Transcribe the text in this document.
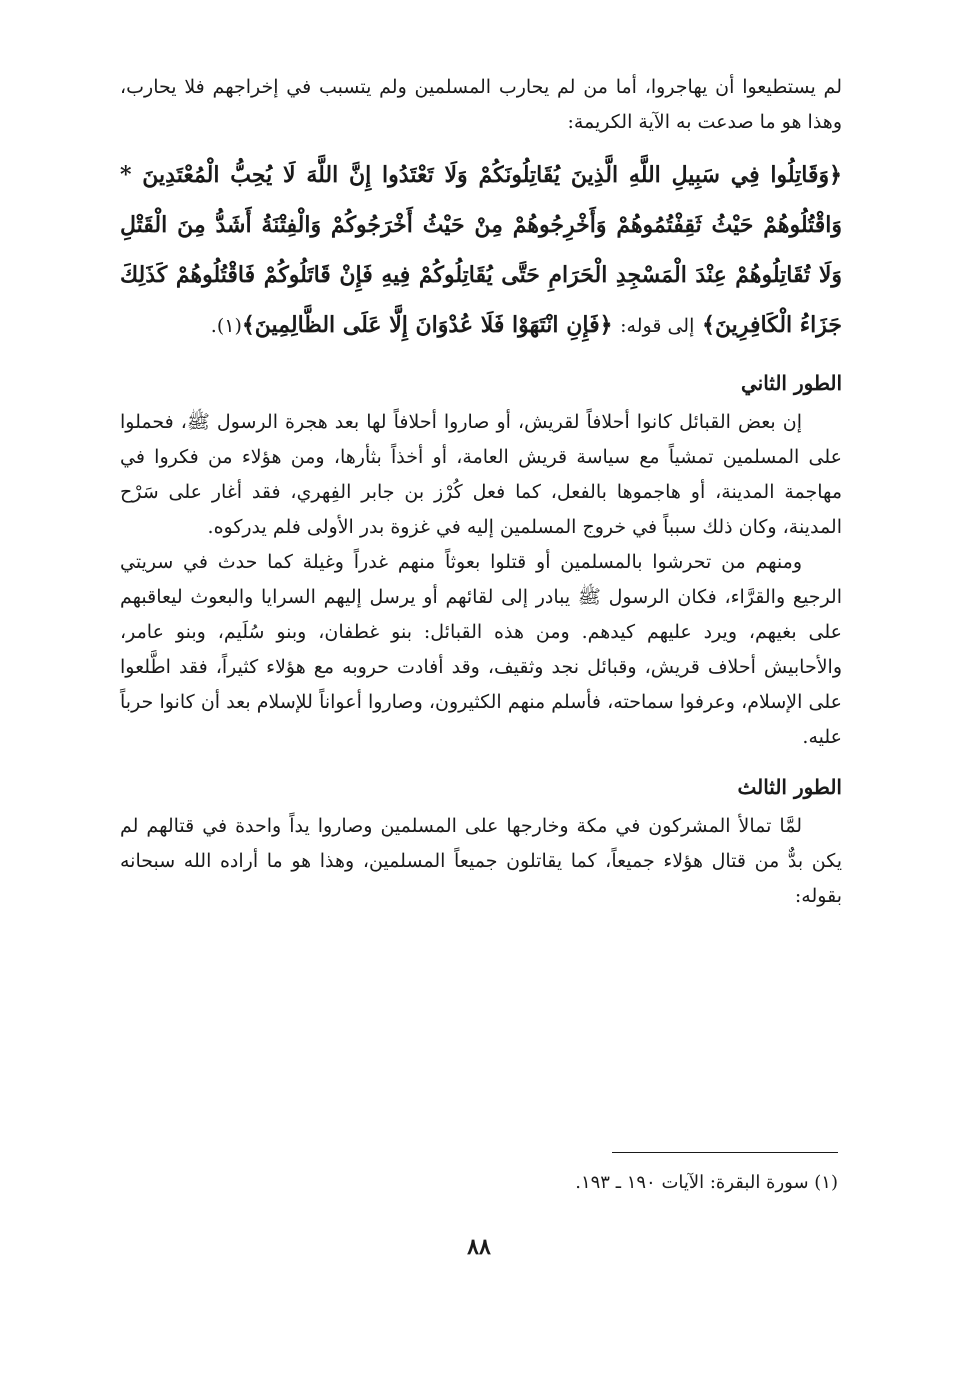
لم يستطيعوا أن يهاجروا، أما من لم يحارب المسلمين ولم يتسبب في إخراجهم فلا يحارب، وهذا هو ما صدعت به الآية الكريمة:

﴿وَقَاتِلُوا فِي سَبِيلِ اللَّهِ الَّذِينَ يُقَاتِلُونَكُمْ وَلَا تَعْتَدُوا إِنَّ اللَّهَ لَا يُحِبُّ الْمُعْتَدِينَ * وَاقْتُلُوهُمْ حَيْثُ ثَقِفْتُمُوهُمْ وَأَخْرِجُوهُمْ مِنْ حَيْثُ أَخْرَجُوكُمْ وَالْفِتْنَةُ أَشَدُّ مِنَ الْقَتْلِ وَلَا تُقَاتِلُوهُمْ عِنْدَ الْمَسْجِدِ الْحَرَامِ حَتَّى يُقَاتِلُوكُمْ فِيهِ فَإِنْ قَاتَلُوكُمْ فَاقْتُلُوهُمْ كَذَلِكَ جَزَاءُ الْكَافِرِينَ﴾ إلى قوله: ﴿فَإِنِ انْتَهَوْا فَلَا عُدْوَانَ إِلَّا عَلَى الظَّالِمِينَ﴾(١).

الطور الثاني

إن بعض القبائل كانوا أحلافاً لقريش، أو صاروا أحلافاً لها بعد هجرة الرسول ﷺ، فحملوا على المسلمين تمشياً مع سياسة قريش العامة، أو أخذاً بثأرها، ومن هؤلاء من فكروا في مهاجمة المدينة، أو هاجموها بالفعل، كما فعل كُرْز بن جابر الفِهري، فقد أغار على سَرْح المدينة، وكان ذلك سبباً في خروج المسلمين إليه في غزوة بدر الأولى فلم يدركوه.

ومنهم من تحرشوا بالمسلمين أو قتلوا بعوثاً منهم غدراً وغيلة كما حدث في سريتي الرجيع والقرَّاء، فكان الرسول ﷺ يبادر إلى لقائهم أو يرسل إليهم السرايا والبعوث ليعاقبهم على بغيهم، ويرد عليهم كيدهم. ومن هذه القبائل: بنو غطفان، وبنو سُلَيم، وبنو عامر، والأحابيش أحلاف قريش، وقبائل نجد وثقيف، وقد أفادت حروبه مع هؤلاء كثيراً، فقد اطَّلعوا على الإسلام، وعرفوا سماحته، فأسلم منهم الكثيرون، وصاروا أعواناً للإسلام بعد أن كانوا حرباً عليه.

الطور الثالث

لمَّا تمالأ المشركون في مكة وخارجها على المسلمين وصاروا يداً واحدة في قتالهم لم يكن بدٌّ من قتال هؤلاء جميعاً، كما يقاتلون جميعاً المسلمين، وهذا هو ما أراده الله سبحانه بقوله:

(١) سورة البقرة: الآيات ١٩٠ ـ ١٩٣.

٨٨
